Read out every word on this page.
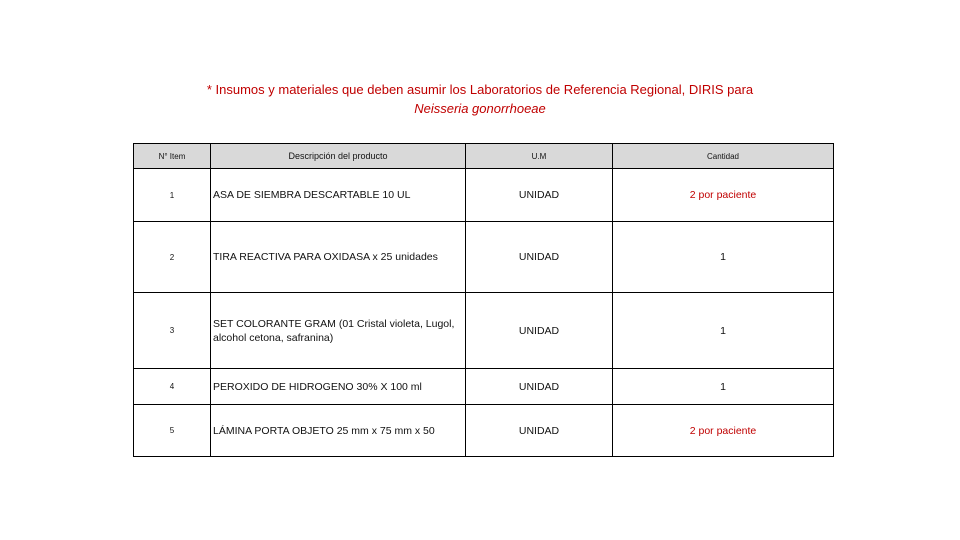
* Insumos y materiales que deben asumir los Laboratorios de Referencia Regional, DIRIS para
Neisseria gonorrhoeae
N° Item	Descripción del producto	U.M	Cantidad
1	ASA DE SIEMBRA DESCARTABLE 10 UL	UNIDAD	2 por paciente
2	TIRA REACTIVA PARA OXIDASA x 25 unidades	UNIDAD	1
3	SET COLORANTE GRAM (01 Cristal violeta, Lugol, alcohol cetona, safranina)	UNIDAD	1
4	PEROXIDO DE HIDROGENO 30% X 100 ml	UNIDAD	1
5	LÁMINA PORTA OBJETO 25 mm x 75 mm x 50	UNIDAD	2 por paciente
